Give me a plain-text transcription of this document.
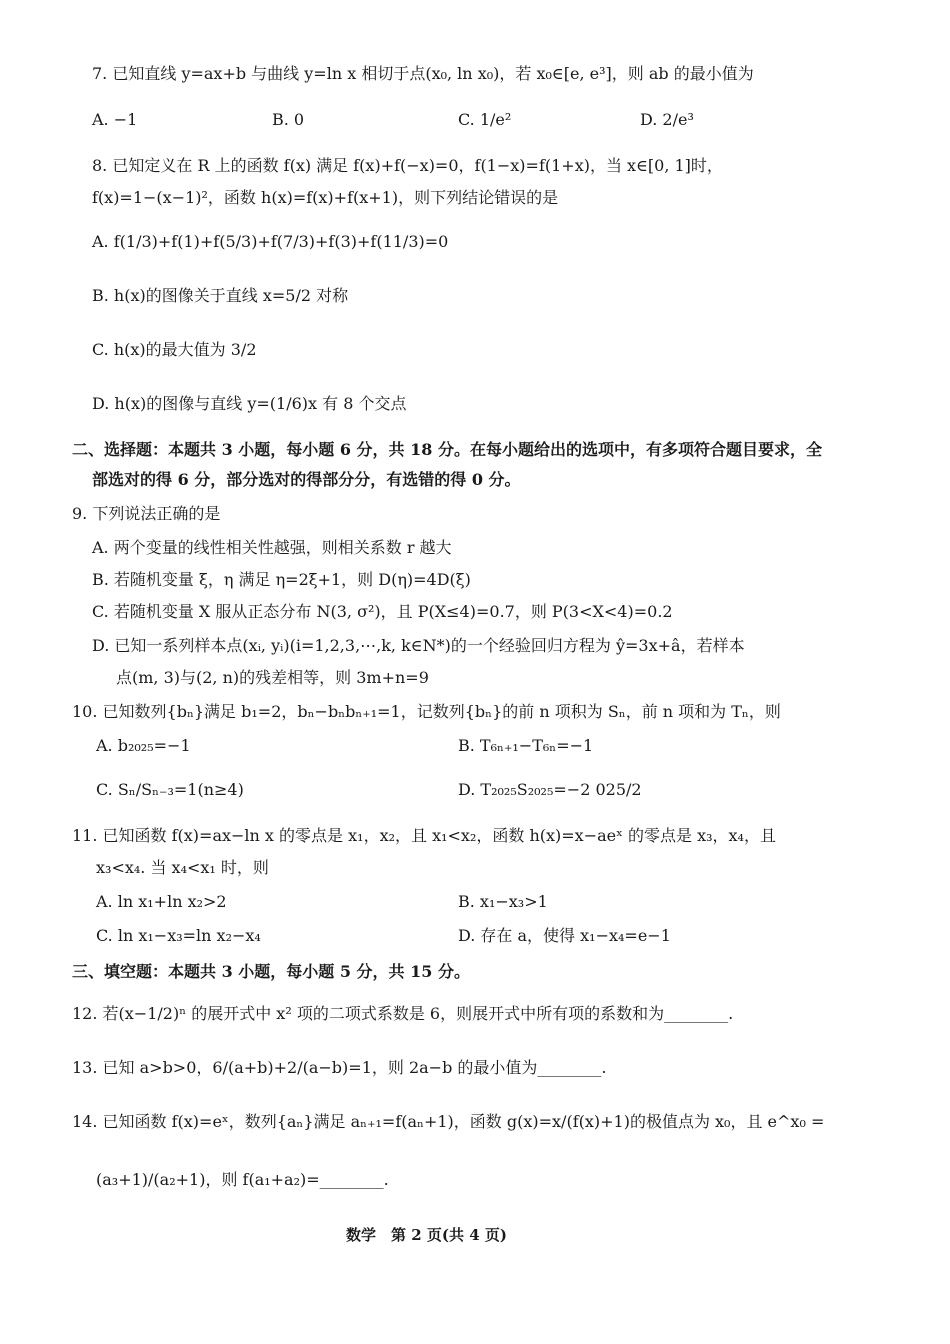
7. 已知直线 y=ax+b 与曲线 y=ln x 相切于点(x₀, ln x₀)，若 x₀∈[e, e³]，则 ab 的最小值为
A. −1	B. 0	C. 1/e²	D. 2/e³
8. 已知定义在 R 上的函数 f(x) 满足 f(x)+f(−x)=0，f(1−x)=f(1+x)，当 x∈[0, 1]时，
f(x)=1−(x−1)²，函数 h(x)=f(x)+f(x+1)，则下列结论错误的是
A. f(1/3)+f(1)+f(5/3)+f(7/3)+f(3)+f(11/3)=0
B. h(x)的图像关于直线 x=5/2 对称
C. h(x)的最大值为 3/2
D. h(x)的图像与直线 y=(1/6)x 有 8 个交点
二、选择题：本题共 3 小题，每小题 6 分，共 18 分。在每小题给出的选项中，有多项符合题目要求，全
部选对的得 6 分，部分选对的得部分分，有选错的得 0 分。
9. 下列说法正确的是
A. 两个变量的线性相关性越强，则相关系数 r 越大
B. 若随机变量 ξ，η 满足 η=2ξ+1，则 D(η)=4D(ξ)
C. 若随机变量 X 服从正态分布 N(3, σ²)，且 P(X≤4)=0.7，则 P(3<X<4)=0.2
D. 已知一系列样本点(xᵢ, yᵢ)(i=1,2,3,⋯,k, k∈N*)的一个经验回归方程为 ŷ=3x+â，若样本
点(m, 3)与(2, n)的残差相等，则 3m+n=9
10. 已知数列{bₙ}满足 b₁=2，bₙ−bₙbₙ₊₁=1，记数列{bₙ}的前 n 项积为 Sₙ，前 n 项和为 Tₙ，则
A. b₂₀₂₅=−1	B. T₆ₙ₊₁−T₆ₙ=−1
C. Sₙ/Sₙ₋₃=1(n≥4)	D. T₂₀₂₅S₂₀₂₅=−2 025/2
11. 已知函数 f(x)=ax−ln x 的零点是 x₁，x₂，且 x₁<x₂，函数 h(x)=x−aeˣ 的零点是 x₃，x₄，且
x₃<x₄. 当 x₄<x₁ 时，则
A. ln x₁+ln x₂>2	B. x₁−x₃>1
C. ln x₁−x₃=ln x₂−x₄	D. 存在 a，使得 x₁−x₄=e−1
三、填空题：本题共 3 小题，每小题 5 分，共 15 分。
12. 若(x−1/2)ⁿ 的展开式中 x² 项的二项式系数是 6，则展开式中所有项的系数和为________.
13. 已知 a>b>0，6/(a+b)+2/(a−b)=1，则 2a−b 的最小值为________.
14. 已知函数 f(x)=eˣ，数列{aₙ}满足 aₙ₊₁=f(aₙ+1)，函数 g(x)=x/(f(x)+1)的极值点为 x₀，且 e^x₀ =
(a₃+1)/(a₂+1)，则 f(a₁+a₂)=________.
数学　第 2 页(共 4 页)
